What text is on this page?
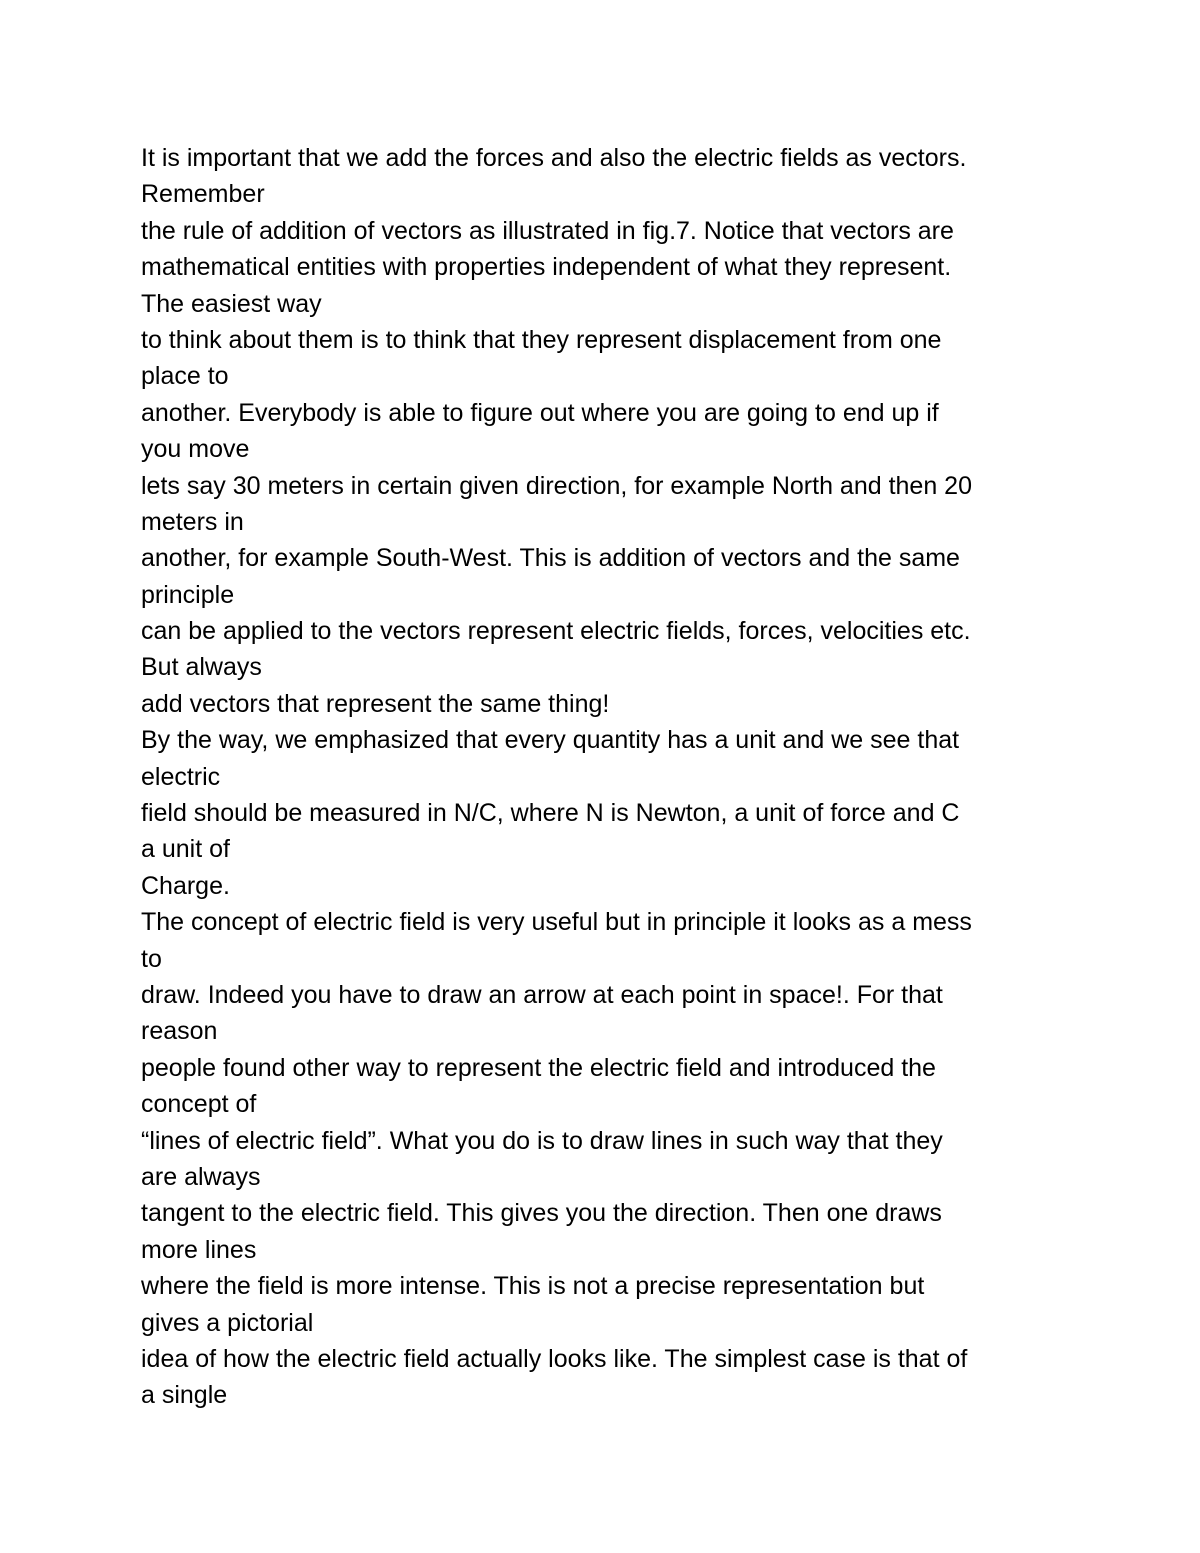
It is important that we add the forces and also the electric fields as vectors.
Remember
the rule of addition of vectors as illustrated in fig.7. Notice that vectors are
mathematical entities with properties independent of what they represent.
The easiest way
to think about them is to think that they represent displacement from one
place to
another. Everybody is able to figure out where you are going to end up if
you move
lets say 30 meters in certain given direction, for example North and then 20
meters in
another, for example South-West. This is addition of vectors and the same
principle
can be applied to the vectors represent electric fields, forces, velocities etc.
But always
add vectors that represent the same thing!
By the way, we emphasized that every quantity has a unit and we see that
electric
field should be measured in N/C, where N is Newton, a unit of force and C
a unit of
Charge.
The concept of electric field is very useful but in principle it looks as a mess
to
draw. Indeed you have to draw an arrow at each point in space!. For that
reason
people found other way to represent the electric field and introduced the
concept of
“lines of electric field”. What you do is to draw lines in such way that they
are always
tangent to the electric field. This gives you the direction. Then one draws
more lines
where the field is more intense. This is not a precise representation but
gives a pictorial
idea of how the electric field actually looks like. The simplest case is that of
a single
